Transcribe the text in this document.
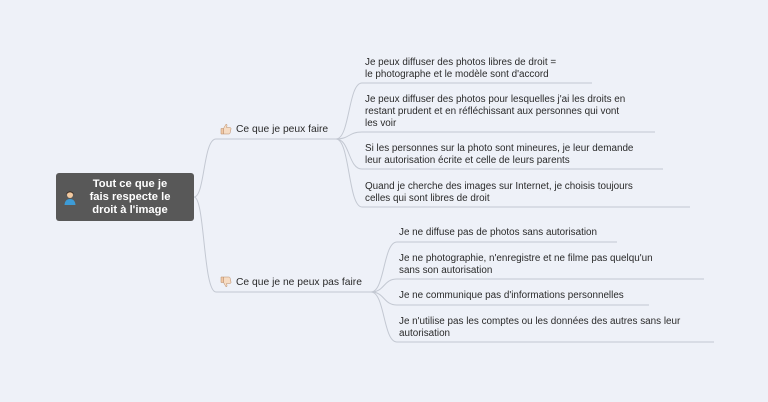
Tout ce que je
fais respecte le
droit à l'image
Ce que je peux faire
Ce que je ne peux pas faire
Je peux diffuser des photos libres de droit =
le photographe et le modèle sont d'accord
Je peux diffuser des photos pour lesquelles j'ai les droits en
restant prudent et en réfléchissant aux personnes qui vont
les voir
Si les personnes sur la photo sont mineures, je leur demande
leur autorisation écrite et celle de leurs parents
Quand je cherche des images sur Internet, je choisis toujours
celles qui sont libres de droit
Je ne diffuse pas de photos sans autorisation
Je ne photographie, n'enregistre et ne filme pas quelqu'un
sans son autorisation
Je ne communique pas d'informations personnelles
Je n'utilise pas les comptes ou les données des autres sans leur
autorisation
